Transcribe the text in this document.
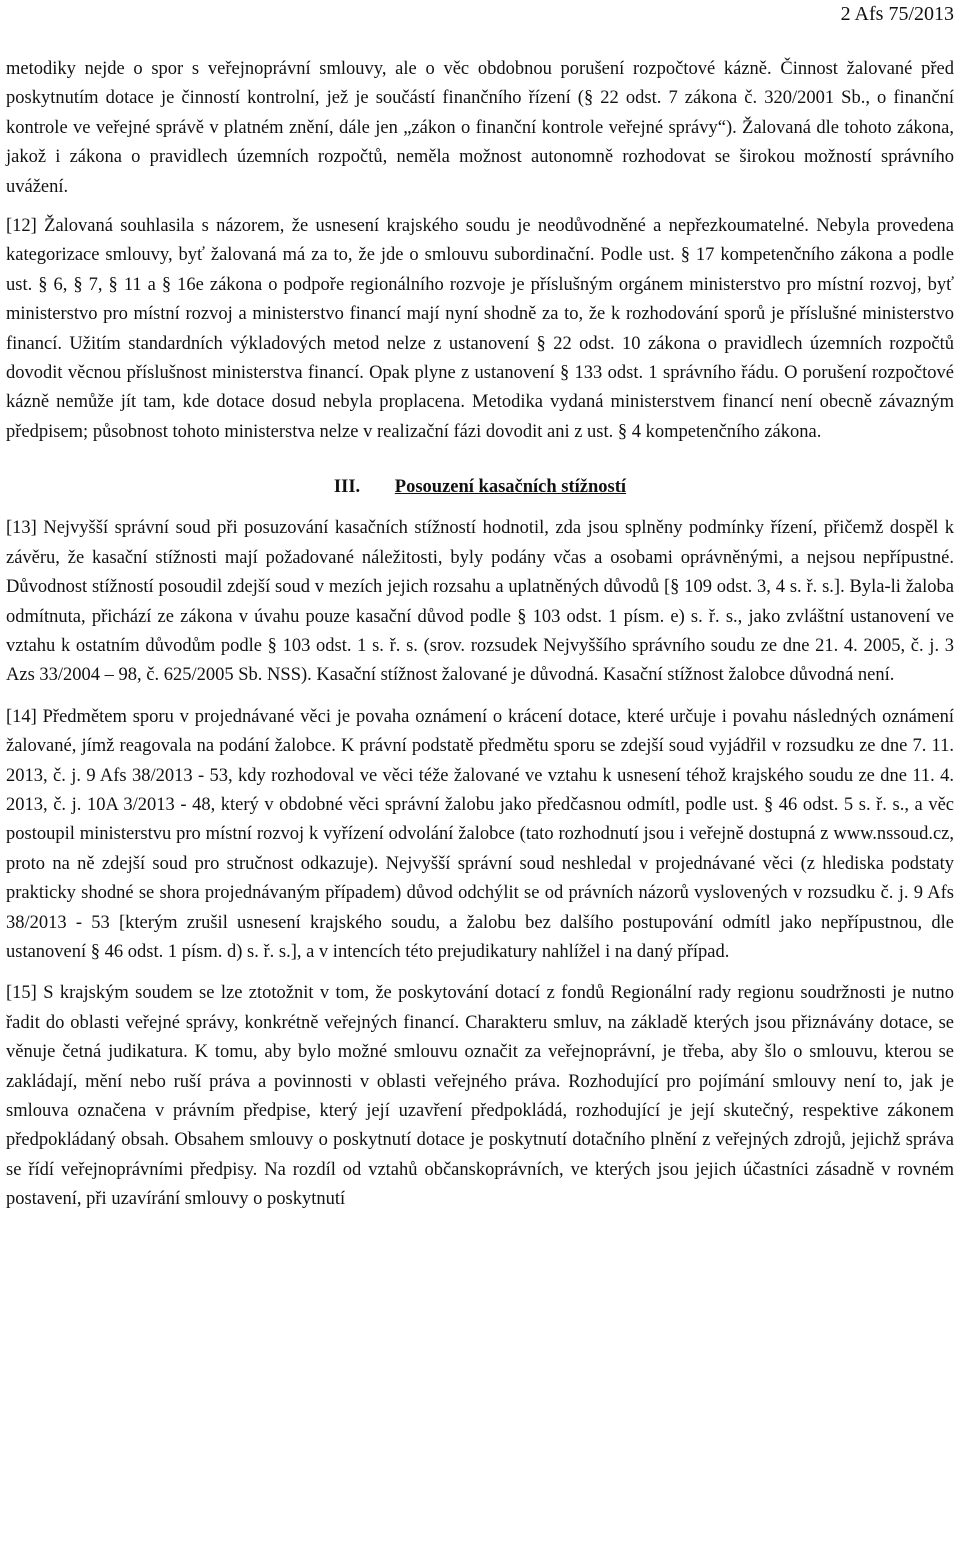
2 Afs 75/2013

metodiky nejde o spor s veřejnoprávní smlouvy, ale o věc obdobnou porušení rozpočtové kázně. Činnost žalované před poskytnutím dotace je činností kontrolní, jež je součástí finančního řízení (§ 22 odst. 7 zákona č. 320/2001 Sb., o finanční kontrole ve veřejné správě v platném znění, dále jen „zákon o finanční kontrole veřejné správy“). Žalovaná dle tohoto zákona, jakož i zákona o pravidlech územních rozpočtů, neměla možnost autonomně rozhodovat se širokou možností správního uvážení.

[12] Žalovaná souhlasila s názorem, že usnesení krajského soudu je neodůvodněné a nepřezkoumatelné. Nebyla provedena kategorizace smlouvy, byť žalovaná má za to, že jde o smlouvu subordinační. Podle ust. § 17 kompetenčního zákona a podle ust. § 6, § 7, § 11 a § 16e zákona o podpoře regionálního rozvoje je příslušným orgánem ministerstvo pro místní rozvoj, byť ministerstvo pro místní rozvoj a ministerstvo financí mají nyní shodně za to, že k rozhodování sporů je příslušné ministerstvo financí. Užitím standardních výkladových metod nelze z ustanovení § 22 odst. 10 zákona o pravidlech územních rozpočtů dovodit věcnou příslušnost ministerstva financí. Opak plyne z ustanovení § 133 odst. 1 správního řádu. O porušení rozpočtové kázně nemůže jít tam, kde dotace dosud nebyla proplacena. Metodika vydaná ministerstvem financí není obecně závazným předpisem; působnost tohoto ministerstva nelze v realizační fázi dovodit ani z ust. § 4 kompetenčního zákona.

III. Posouzení kasačních stížností

[13] Nejvyšší správní soud při posuzování kasačních stížností hodnotil, zda jsou splněny podmínky řízení, přičemž dospěl k závěru, že kasační stížnosti mají požadované náležitosti, byly podány včas a osobami oprávněnými, a nejsou nepřípustné. Důvodnost stížností posoudil zdejší soud v mezích jejich rozsahu a uplatněných důvodů [§ 109 odst. 3, 4 s. ř. s.]. Byla-li žaloba odmítnuta, přichází ze zákona v úvahu pouze kasační důvod podle § 103 odst. 1 písm. e) s. ř. s., jako zvláštní ustanovení ve vztahu k ostatním důvodům podle § 103 odst. 1 s. ř. s. (srov. rozsudek Nejvyššího správního soudu ze dne 21. 4. 2005, č. j. 3 Azs 33/2004 – 98, č. 625/2005 Sb. NSS). Kasační stížnost žalované je důvodná. Kasační stížnost žalobce důvodná není.

[14] Předmětem sporu v projednávané věci je povaha oznámení o krácení dotace, které určuje i povahu následných oznámení žalované, jímž reagovala na podání žalobce. K právní podstatě předmětu sporu se zdejší soud vyjádřil v rozsudku ze dne 7. 11. 2013, č. j. 9 Afs 38/2013 - 53, kdy rozhodoval ve věci téže žalované ve vztahu k usnesení téhož krajského soudu ze dne 11. 4. 2013, č. j. 10A 3/2013 - 48, který v obdobné věci správní žalobu jako předčasnou odmítl, podle ust. § 46 odst. 5 s. ř. s., a věc postoupil ministerstvu pro místní rozvoj k vyřízení odvolání žalobce (tato rozhodnutí jsou i veřejně dostupná z www.nssoud.cz, proto na ně zdejší soud pro stručnost odkazuje). Nejvyšší správní soud neshledal v projednávané věci (z hlediska podstaty prakticky shodné se shora projednávaným případem) důvod odchýlit se od právních názorů vyslovených v rozsudku č. j. 9 Afs 38/2013 - 53 [kterým zrušil usnesení krajského soudu, a žalobu bez dalšího postupování odmítl jako nepřípustnou, dle ustanovení § 46 odst. 1 písm. d) s. ř. s.], a v intencích této prejudikatury nahlížel i na daný případ.

[15] S krajským soudem se lze ztotožnit v tom, že poskytování dotací z fondů Regionální rady regionu soudržnosti je nutno řadit do oblasti veřejné správy, konkrétně veřejných financí. Charakteru smluv, na základě kterých jsou přiznávány dotace, se věnuje četná judikatura. K tomu, aby bylo možné smlouvu označit za veřejnoprávní, je třeba, aby šlo o smlouvu, kterou se zakládají, mění nebo ruší práva a povinnosti v oblasti veřejného práva. Rozhodující pro pojímání smlouvy není to, jak je smlouva označena v právním předpise, který její uzavření předpokládá, rozhodující je její skutečný, respektive zákonem předpokládaný obsah. Obsahem smlouvy o poskytnutí dotace je poskytnutí dotačního plnění z veřejných zdrojů, jejichž správa se řídí veřejnoprávními předpisy. Na rozdíl od vztahů občanskoprávních, ve kterých jsou jejich účastníci zásadně v rovném postavení, při uzavírání smlouvy o poskytnutí
